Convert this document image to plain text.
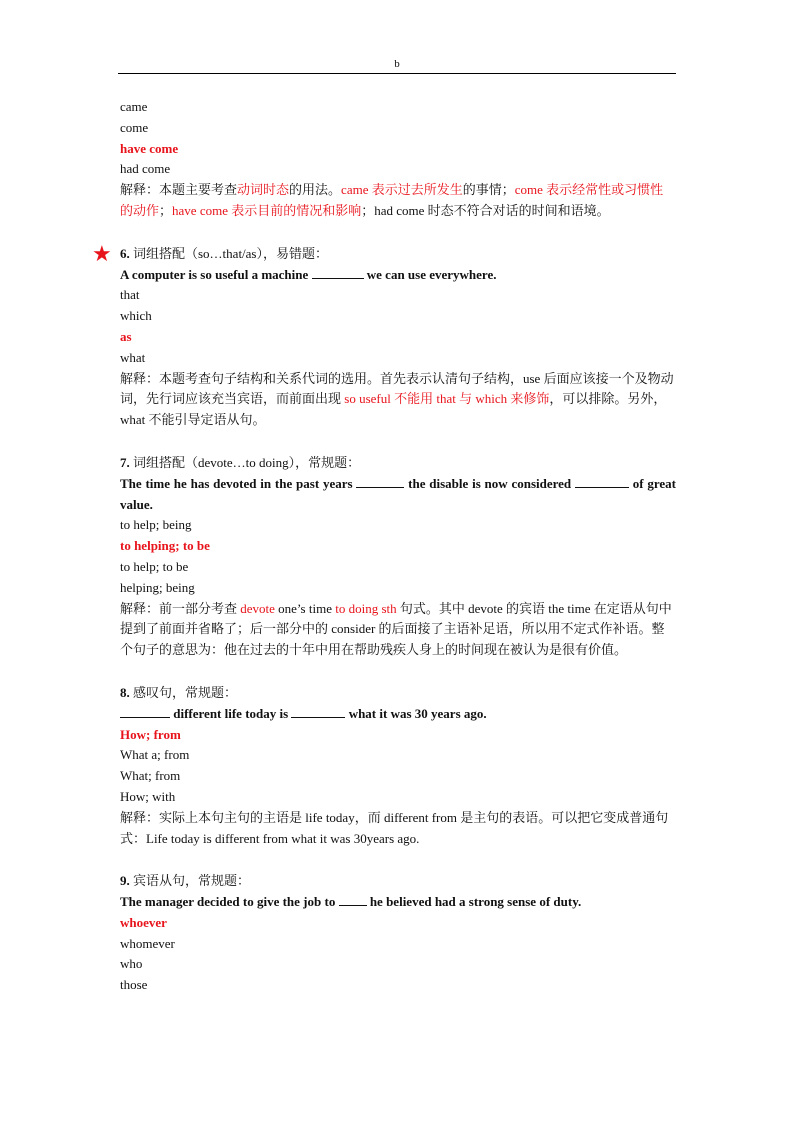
b
came
come
have come
had come
解释：本题主要考查动词时态的用法。came 表示过去所发生的事情；come 表示经常性或习惯性的动作；have come 表示目前的情况和影响；had come 时态不符合对话的时间和语境。
★ 6. 词组搭配（so…that/as），易错题：
A computer is so useful a machine	we can use everywhere.
that
which
as
what
解释：本题考查句子结构和关系代词的选用。首先表示认清句子结构，use 后面应该接一个及物动词，先行词应该充当宾语，而前面出现 so useful 不能用 that 与 which 来修饰，可以排除。另外，what 不能引导定语从句。
7. 词组搭配（devote…to doing），常规题：
The time he has devoted in the past years	the disable is now considered	of great value.
to help; being
to helping; to be
to help; to be
helping; being
解释：前一部分考查 devote one’s time to doing sth 句式。其中 devote 的宾语 the time 在定语从句中提到了前面并省略了；后一部分中的 consider 的后面接了主语补足语，所以用不定式作补语。整个句子的意思为：他在过去的十年中用在帮助残疾人身上的时间现在被认为是很有价值。
8. 感叹句，常规题：
different life today is	what it was 30 years ago.
How; from
What a; from
What; from
How; with
解释：实际上本句主句的主语是 life today，而 different from 是主句的表语。可以把它变成普通句式：Life today is different from what it was 30years ago.
9. 宾语从句，常规题：
The manager decided to give the job to  he believed had a strong sense of duty.
whoever
whomever
who
those
